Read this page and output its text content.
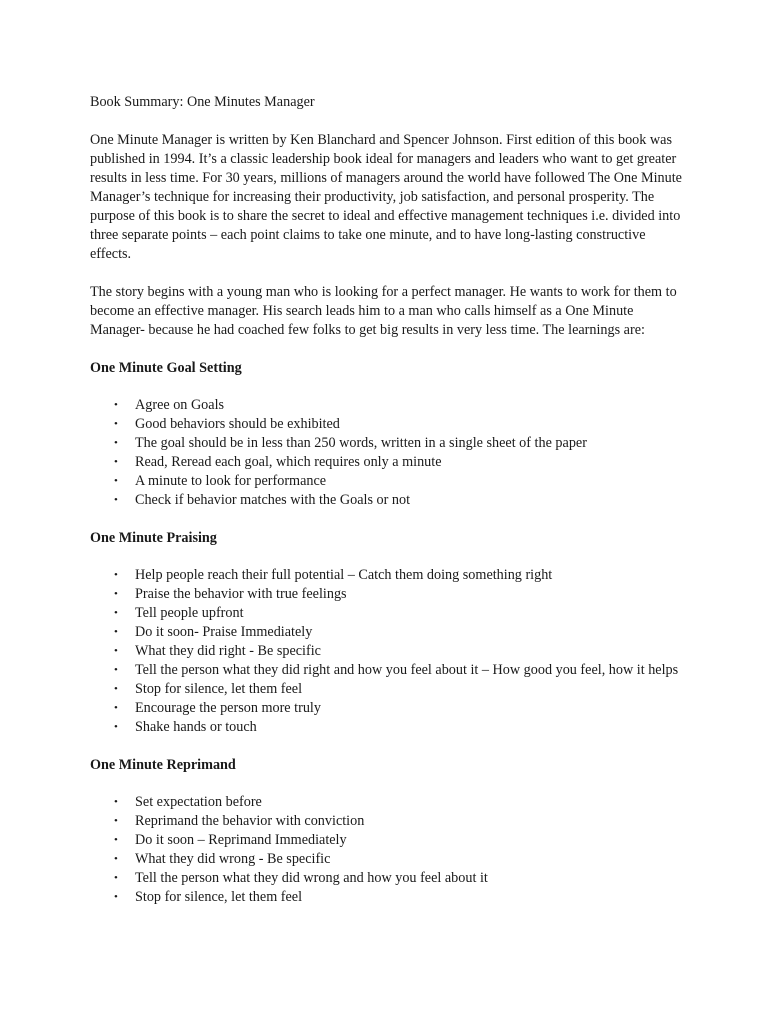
Book Summary: One Minutes Manager

One Minute Manager is written by Ken Blanchard and Spencer Johnson. First edition of this book was published in 1994. It’s a classic leadership book ideal for managers and leaders who want to get greater results in less time. For 30 years, millions of managers around the world have followed The One Minute Manager’s technique for increasing their productivity, job satisfaction, and personal prosperity. The purpose of this book is to share the secret to ideal and effective management techniques i.e. divided into three separate points – each point claims to take one minute, and to have long-lasting constructive effects.

The story begins with a young man who is looking for a perfect manager. He wants to work for them to become an effective manager. His search leads him to a man who calls himself as a One Minute Manager- because he had coached few folks to get big results in very less time. The learnings are:

One Minute Goal Setting

• Agree on Goals
• Good behaviors should be exhibited
• The goal should be in less than 250 words, written in a single sheet of the paper
• Read, Reread each goal, which requires only a minute
• A minute to look for performance
• Check if behavior matches with the Goals or not

One Minute Praising

• Help people reach their full potential – Catch them doing something right
• Praise the behavior with true feelings
• Tell people upfront
• Do it soon- Praise Immediately
• What they did right - Be specific
• Tell the person what they did right and how you feel about it – How good you feel, how it helps
• Stop for silence, let them feel
• Encourage the person more truly
• Shake hands or touch

One Minute Reprimand

• Set expectation before
• Reprimand the behavior with conviction
• Do it soon – Reprimand Immediately
• What they did wrong - Be specific
• Tell the person what they did wrong and how you feel about it
• Stop for silence, let them feel
